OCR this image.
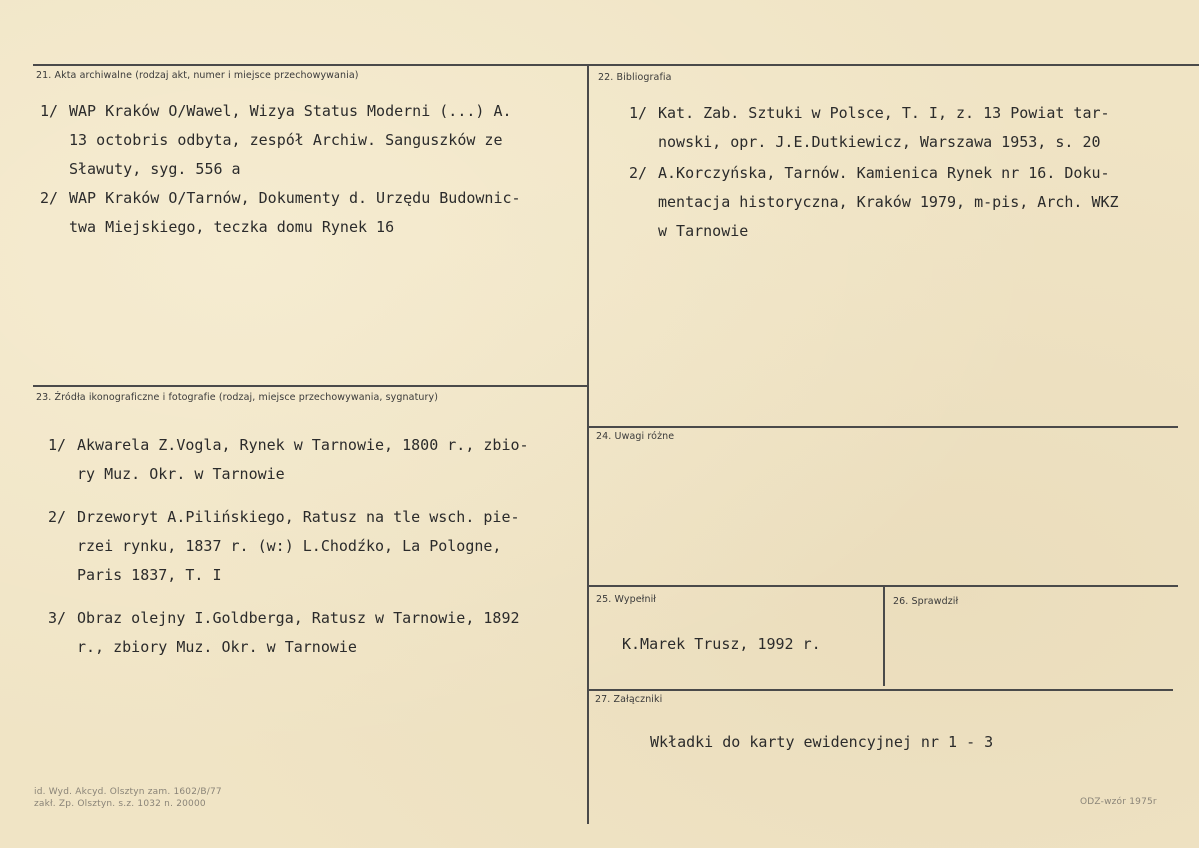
21. Akta archiwalne (rodzaj akt, numer i miejsce przechowywania)
1/ WAP Kraków O/Wawel, Wizya Status Moderni (...) A.
13 octobris odbyta, zespół Archiw. Sanguszków ze
Sławuty, syg. 556 a
2/ WAP Kraków O/Tarnów, Dokumenty d. Urzędu Budownic-
twa Miejskiego, teczka domu Rynek 16
22. Bibliografia
1/ Kat. Zab. Sztuki w Polsce, T. I, z. 13 Powiat tar-
nowski, opr. J.E.Dutkiewicz, Warszawa 1953, s. 20
2/ A.Korczyńska, Tarnów. Kamienica Rynek nr 16. Doku-
mentacja historyczna, Kraków 1979, m-pis, Arch. WKZ
w Tarnowie
23. Źródła ikonograficzne i fotografie (rodzaj, miejsce przechowywania, sygnatury)
1/ Akwarela Z.Vogla, Rynek w Tarnowie, 1800 r., zbio-
ry Muz. Okr. w Tarnowie
2/ Drzeworyt A.Pilińskiego, Ratusz na tle wsch. pie-
rzei rynku, 1837 r. (w:) L.Chodźko, La Pologne,
Paris 1837, T. I
3/ Obraz olejny I.Goldberga, Ratusz w Tarnowie, 1892
r., zbiory Muz. Okr. w Tarnowie
24. Uwagi różne
25. Wypełnił
K.Marek Trusz, 1992 r.
26. Sprawdził
27. Załączniki
Wkładki do karty ewidencyjnej nr 1 - 3
id. Wyd. Akcyd. Olsztyn zam. 1602/B/77
zakł. Zp. Olsztyn. s.z. 1032 n. 20000	ODZ-wzór 1975r
